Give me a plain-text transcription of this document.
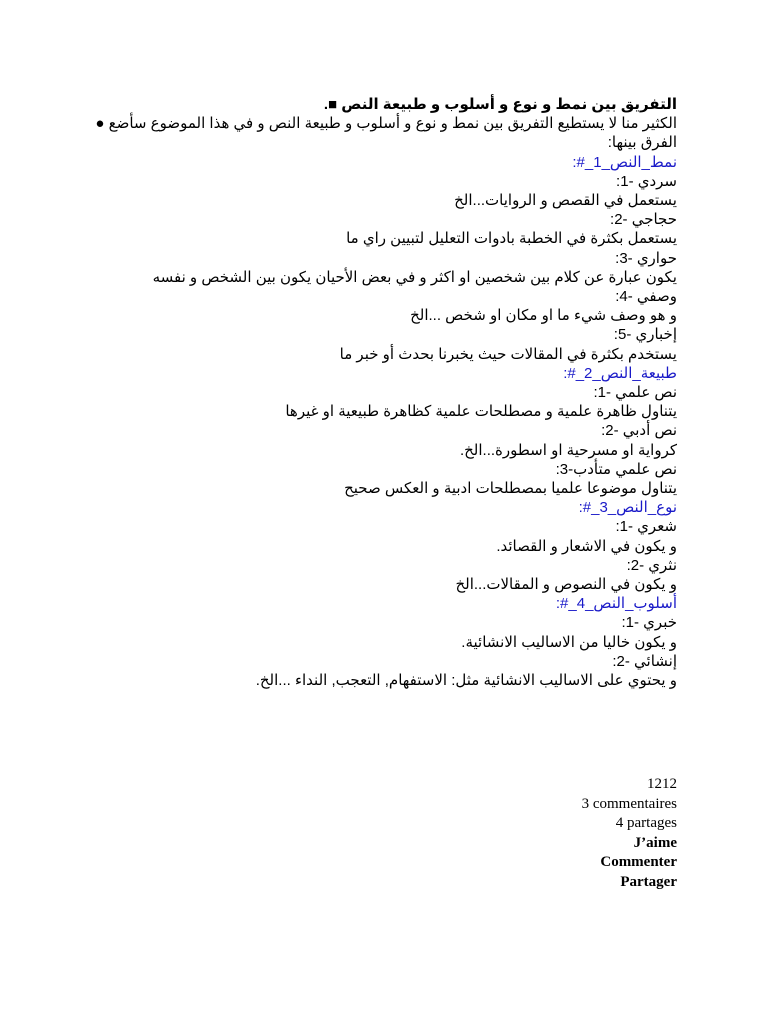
التفريق بين نمط و نوع و أسلوب و طبيعة النص ■.
الكثير منا لا يستطيع التفريق بين نمط و نوع و أسلوب و طبيعة النص و في هذا الموضوع سأضع ●
الفرق بينها:
نمط_النص_1_#:
سردي -1:
يستعمل في القصص و الروايات...الخ
حجاجي -2:
يستعمل بكثرة في الخطبة بادوات التعليل لتبيين راي ما
حواري -3:
يكون عبارة عن كلام بين شخصين او اكثر و في بعض الأحيان يكون بين الشخص و نفسه
وصفي -4:
و هو وصف شيء ما او مكان او شخص ...الخ
إخباري -5:
يستخدم بكثرة في المقالات حيث يخبرنا بحدث أو خبر ما
طبيعة_النص_2_#:
نص علمي -1:
يتناول ظاهرة علمية و مصطلحات علمية كظاهرة طبيعية او غيرها
نص أدبي -2:
كرواية او مسرحية او اسطورة...الخ.
نص علمي متأدب-3:
يتناول موضوعا علميا بمصطلحات ادبية و العكس صحيح
نوع_النص_3_#:
شعري -1:
و يكون في الاشعار و القصائد.
نثري -2:
و يكون في النصوص و المقالات...الخ
أسلوب_النص_4_#:
خبري -1:
و يكون خاليا من الاساليب الانشائية.
إنشائي -2:
و يحتوي على الاساليب الانشائية مثل: الاستفهام, التعجب, النداء ...الخ.
1212
3 commentaires
4 partages
J’aime
Commenter
Partager
